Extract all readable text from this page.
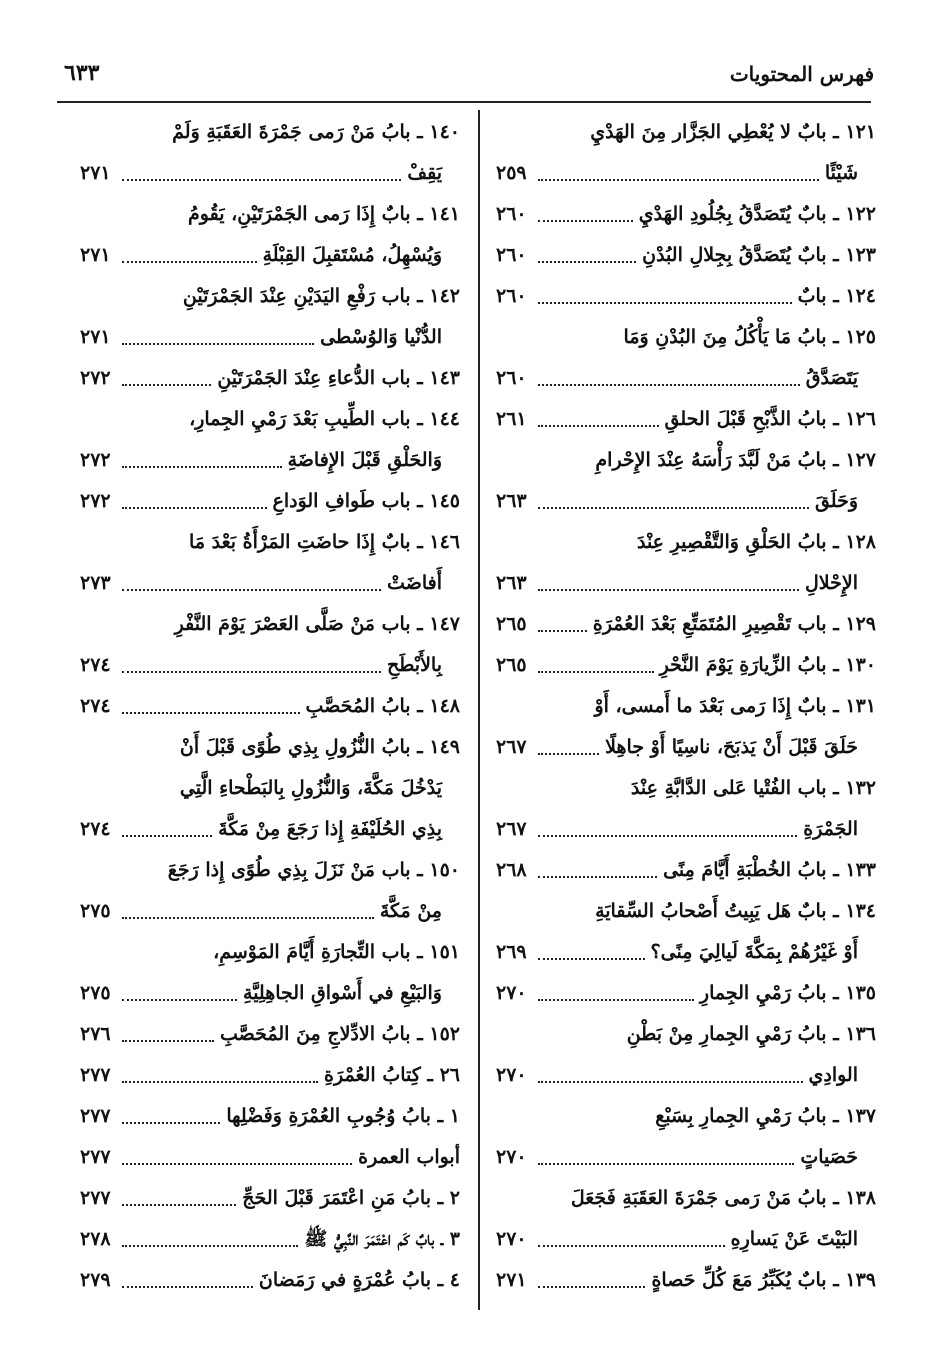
فهرس المحتويات
٦٣٣
١٢١ ـ بابٌ لا يُعْطِي الجَزَّار مِنَ الهَدْيِ
شَيْئًا
٢٥٩
١٢٢ ـ بابٌ يُتَصَدَّقُ بِجُلُودِ الهَدْيِ
٢٦٠
١٢٣ ـ بابٌ يُتَصَدَّقُ بِجِلالِ البُدْنِ
٢٦٠
١٢٤ ـ بابٌ
٢٦٠
١٢٥ ـ بابُ مَا يَأْكُلُ مِنَ البُدْنِ وَمَا
يَتَصَدَّقُ
٢٦٠
١٢٦ ـ بابُ الذَّبْحِ قَبْلَ الحلقِ
٢٦١
١٢٧ ـ بابُ مَنْ لَبَّدَ رَأْسَهُ عِنْدَ الإِحْرامِ
وَحَلَقَ
٢٦٣
١٢٨ ـ بابُ الحَلْقِ وَالتَّقْصِيرِ عِنْدَ
الإِحْلالِ
٢٦٣
١٢٩ ـ باب تَقْصِيرِ المُتَمَتِّعِ بَعْدَ العُمْرَةِ
٢٦٥
١٣٠ ـ بابُ الزِّيارَةِ يَوْمَ النَّحْرِ
٢٦٥
١٣١ ـ بابٌ إِذَا رَمى بَعْدَ ما أَمسى، أَوْ
حَلَقَ قَبْلَ أَنْ يَذبَحَ، ناسِيًا أَوْ جاهِلًا
٢٦٧
١٣٢ ـ باب الفُتْيا عَلى الدَّابَّةِ عِنْدَ
الجَمْرَةِ
٢٦٧
١٣٣ ـ بابُ الخُطْبَةِ أَيَّامَ مِنًى
٢٦٨
١٣٤ ـ بابٌ هَل يَبِيتُ أَصْحابُ السِّقايَةِ
أَوْ غَيْرُهُمْ بِمَكَّةَ لَيالِيَ مِنًى؟
٢٦٩
١٣٥ ـ بابُ رَمْيِ الجِمارِ
٢٧٠
١٣٦ ـ بابُ رَمْيِ الجِمارِ مِنْ بَطْنِ
الوادِي
٢٧٠
١٣٧ ـ بابُ رَمْيِ الجِمارِ بِسَبْعِ
حَصَياتٍ
٢٧٠
١٣٨ ـ بابُ مَنْ رَمى جَمْرَةَ العَقَبَةِ فَجَعَلَ
البَيْتَ عَنْ يَسارِهِ
٢٧٠
١٣٩ ـ بابٌ يُكَبِّرُ مَعَ كُلِّ حَصاةٍ
٢٧١
١٤٠ ـ بابُ مَنْ رَمى جَمْرَةَ العَقَبَةِ وَلَمْ
يَقِفْ
٢٧١
١٤١ ـ بابٌ إِذَا رَمى الجَمْرَتَيْنِ، يَقُومُ
وَيُسْهِلُ، مُسْتَقبِلَ القِبْلَةِ
٢٧١
١٤٢ ـ باب رَفْعِ اليَدَيْنِ عِنْدَ الجَمْرَتَيْنِ
الدُّنْيا وَالوُسْطى
٢٧١
١٤٣ ـ باب الدُّعاءِ عِنْدَ الجَمْرَتَيْنِ
٢٧٢
١٤٤ ـ باب الطِّيبِ بَعْدَ رَمْيِ الجِمارِ،
وَالحَلْقِ قَبْلَ الإِفاضَةِ
٢٧٢
١٤٥ ـ باب طَوافِ الوَداعِ
٢٧٢
١٤٦ ـ بابٌ إِذَا حاضَتِ المَرْأَةُ بَعْدَ مَا
أَفاضَتْ
٢٧٣
١٤٧ ـ باب مَنْ صَلَّى العَصْرَ يَوْمَ النَّفْرِ
بِالأَبْطَحِ
٢٧٤
١٤٨ ـ بابُ المُحَصَّبِ
٢٧٤
١٤٩ ـ بابُ النُّزُولِ بِذِي طُوًى قَبْلَ أَنْ
يَدْخُلَ مَكَّةَ، وَالنُّزُولِ بِالبَطْحاءِ الَّتِي
بِذِي الحُلَيْفَةِ إِذا رَجَعَ مِنْ مَكَّةَ
٢٧٤
١٥٠ ـ باب مَنْ نَزَلَ بِذِي طُوًى إِذا رَجَعَ
مِنْ مَكَّةَ
٢٧٥
١٥١ ـ باب التِّجارَةِ أَيَّامَ المَوْسِمِ،
وَالبَيْعِ في أَسْواقِ الجاهِلِيَّةِ
٢٧٥
١٥٢ ـ بابُ الادِّلاجِ مِنَ المُحَصَّبِ
٢٧٦
٢٦ ـ كِتابُ العُمْرَةِ
٢٧٧
١ ـ بابُ وُجُوبِ العُمْرَةِ وَفَضْلِها
٢٧٧
أبواب العمرة
٢٧٧
٢ ـ بابُ مَنِ اعْتَمَرَ قَبْلَ الحَجِّ
٢٧٧
٣ ـ بابٌ كَم اعْتَمَرَ النَّبِيُّ ﷺ
٢٧٨
٤ ـ بابُ عُمْرَةٍ في رَمَضانَ
٢٧٩
